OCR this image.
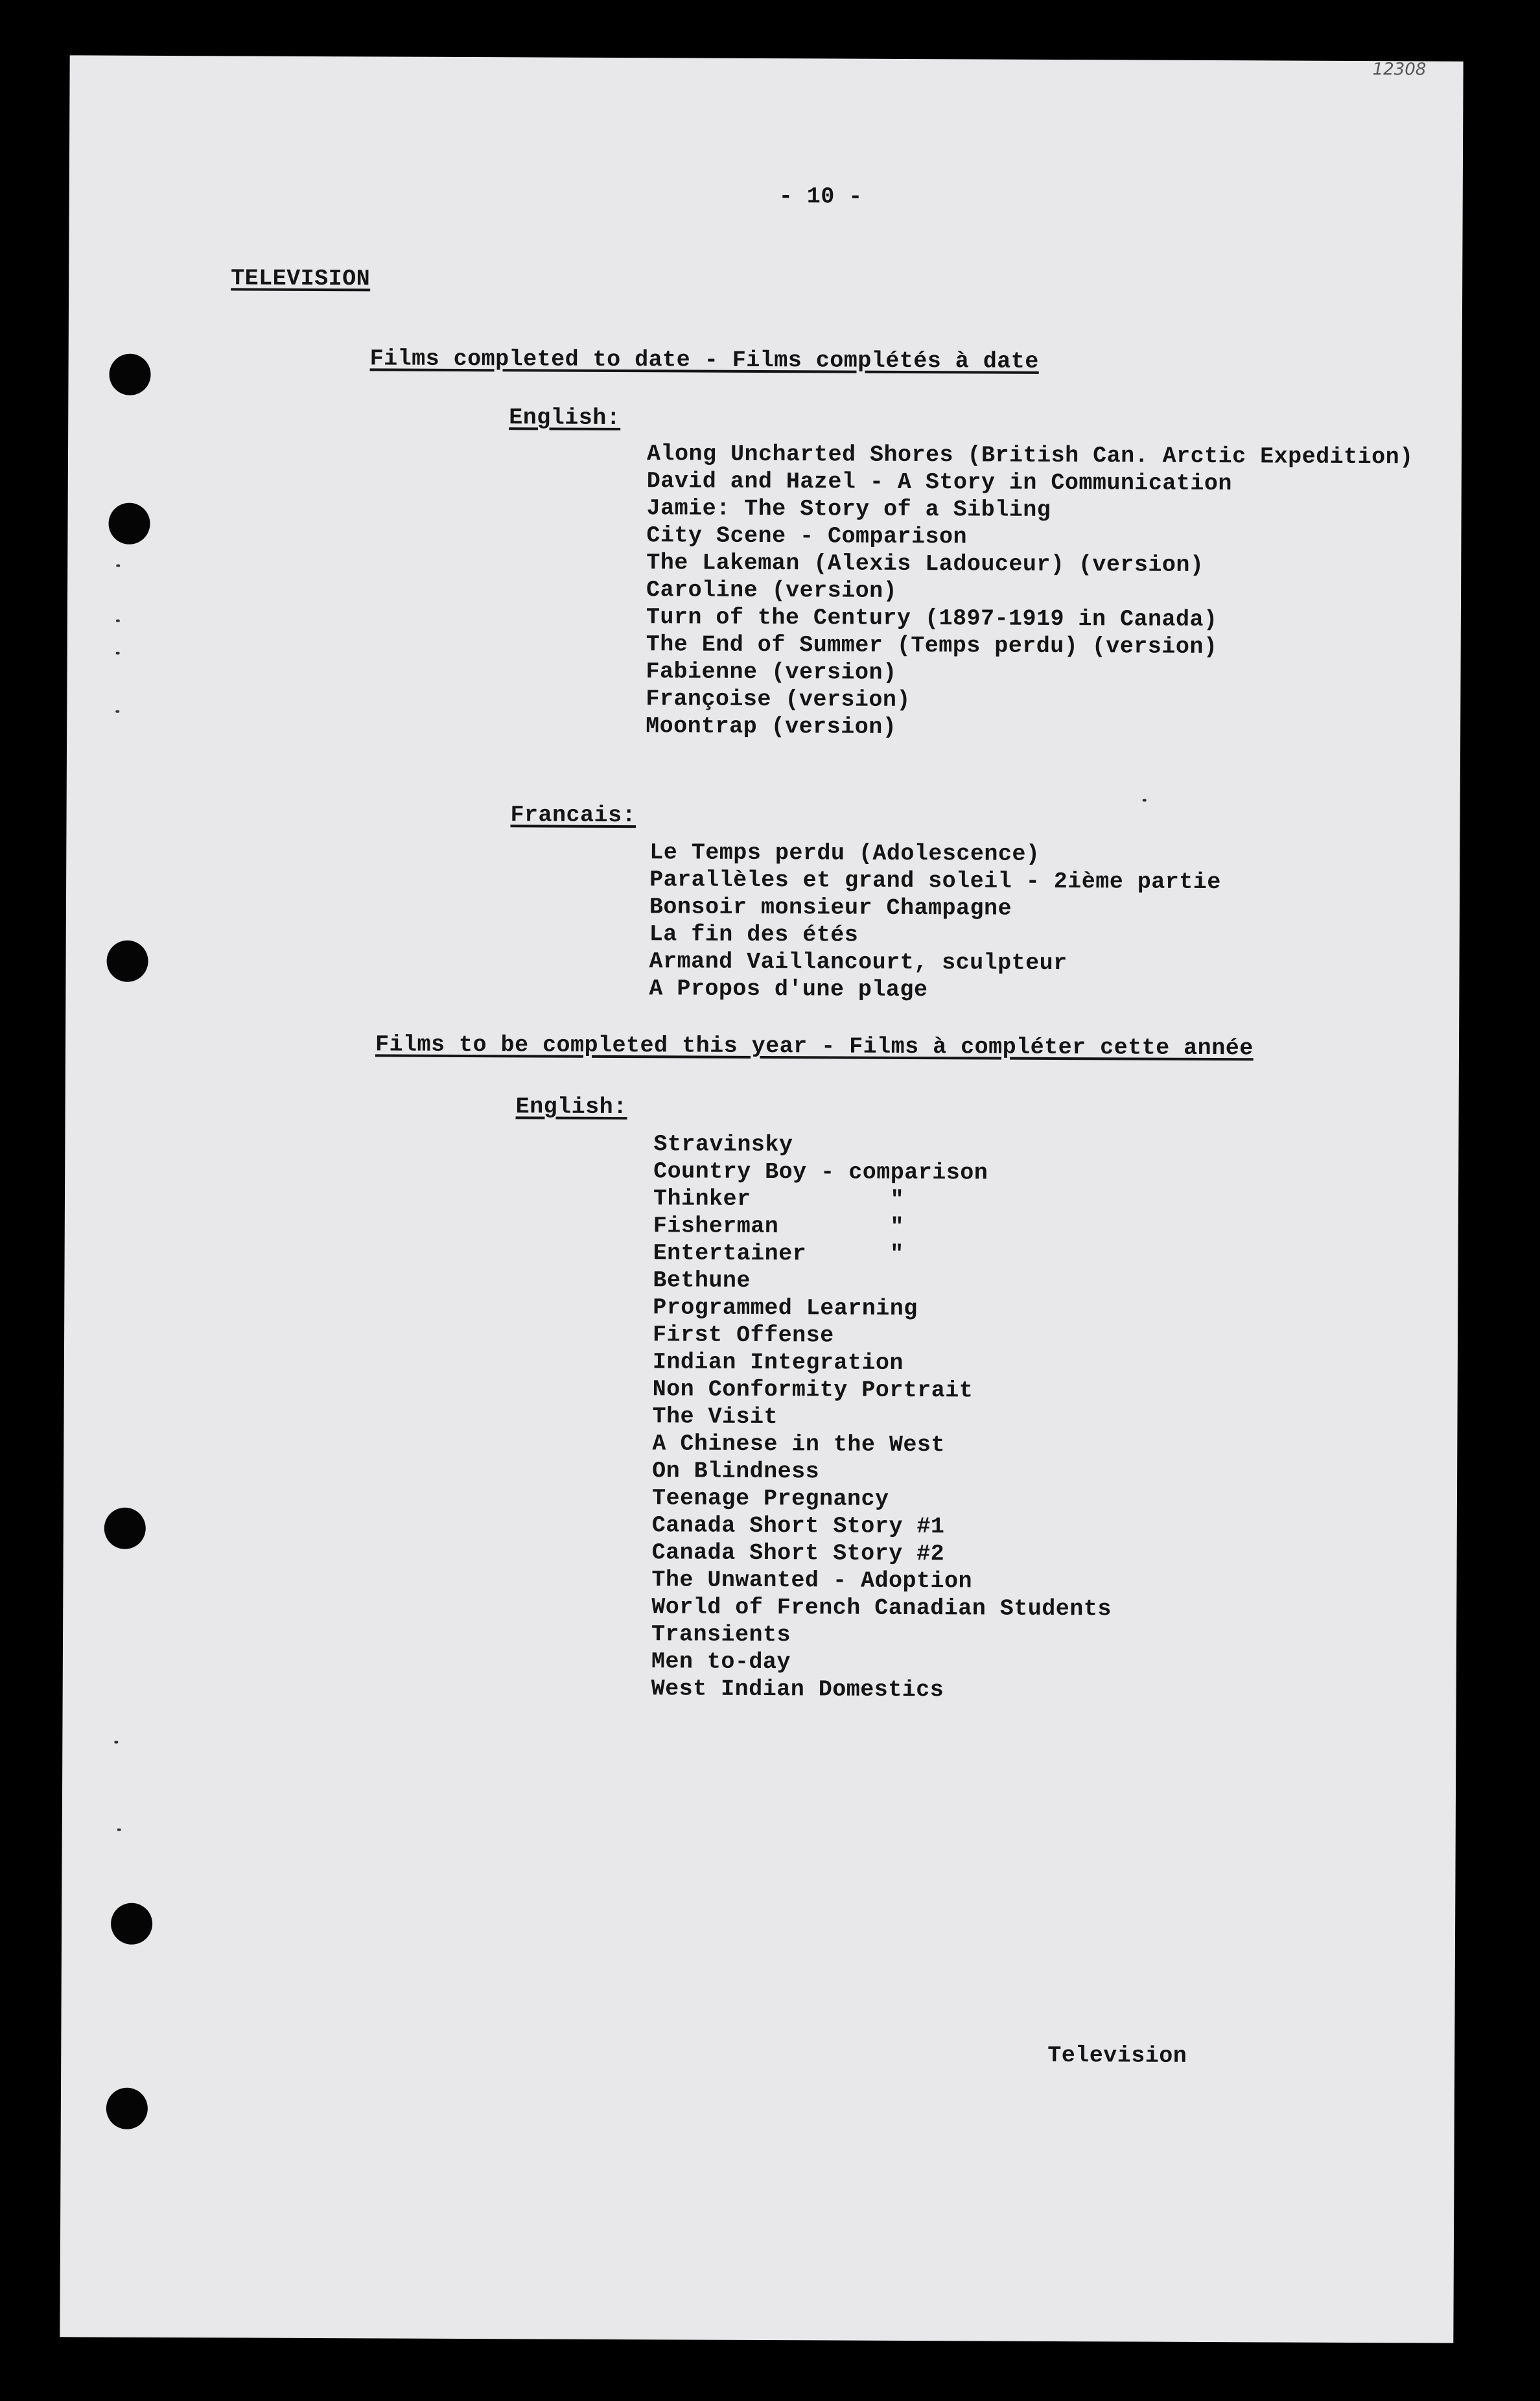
12308
- 10 -
TELEVISION
Films completed to date - Films complétés à date
English:
Along Uncharted Shores (British Can. Arctic Expedition)
David and Hazel - A Story in Communication
Jamie: The Story of a Sibling
City Scene - Comparison
The Lakeman (Alexis Ladouceur) (version)
Caroline (version)
Turn of the Century (1897-1919 in Canada)
The End of Summer (Temps perdu) (version)
Fabienne (version)
Françoise (version)
Moontrap (version)
Francais:
Le Temps perdu (Adolescence)
Parallèles et grand soleil - 2ième partie
Bonsoir monsieur Champagne
La fin des étés
Armand Vaillancourt, sculpteur
A Propos d'une plage
Films to be completed this year - Films à compléter cette année
English:
Stravinsky
Country Boy - comparison
Thinker          "
Fisherman        "
Entertainer      "
Bethune
Programmed Learning
First Offense
Indian Integration
Non Conformity Portrait
The Visit
A Chinese in the West
On Blindness
Teenage Pregnancy
Canada Short Story #1
Canada Short Story #2
The Unwanted - Adoption
World of French Canadian Students
Transients
Men to-day
West Indian Domestics
Television
